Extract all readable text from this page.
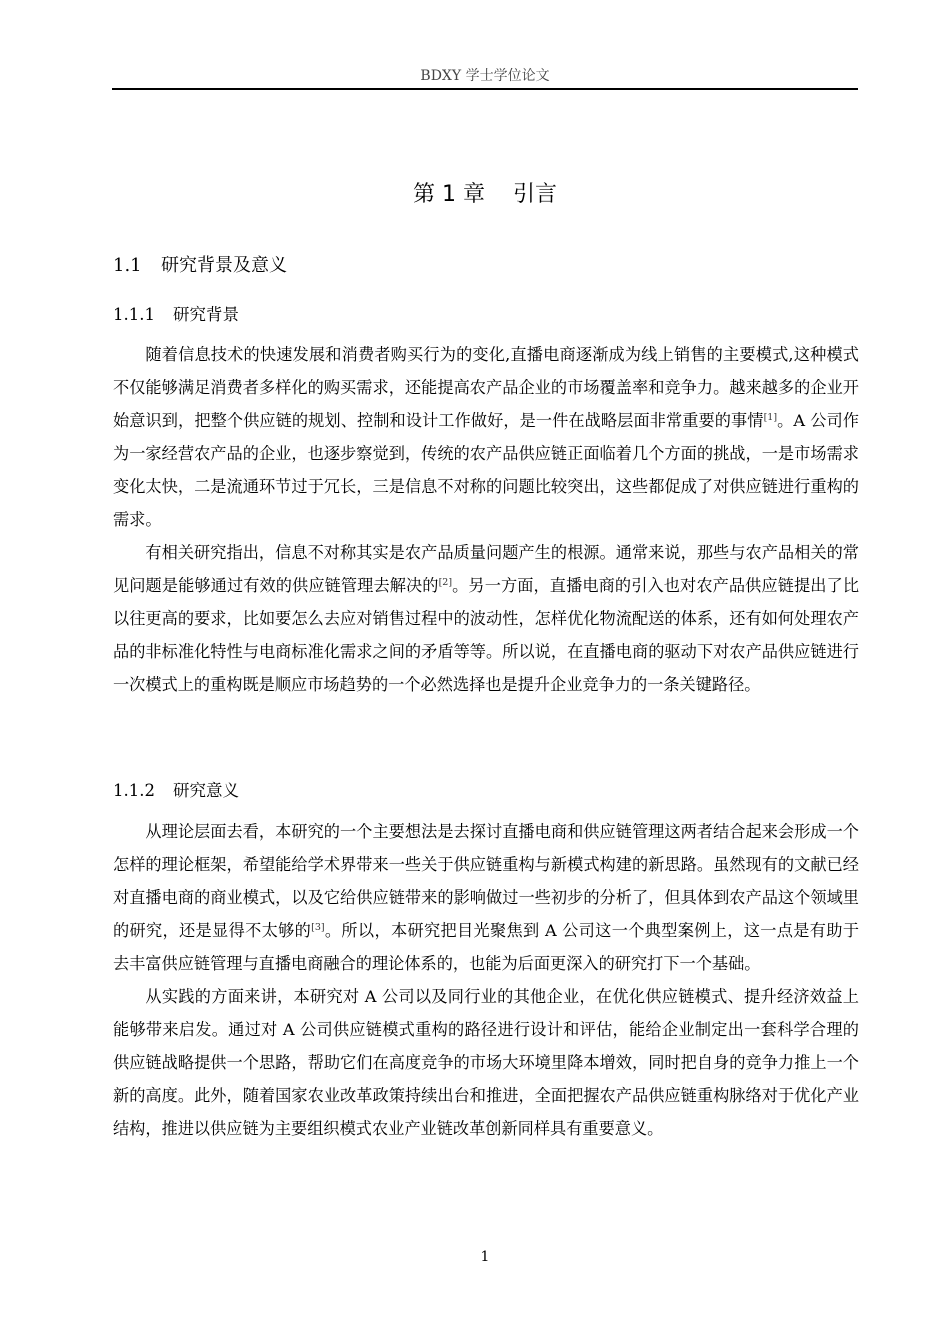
BDXY 学士学位论文
第 1 章 引言
1.1 研究背景及意义
1.1.1 研究背景

随着信息技术的快速发展和消费者购买行为的变化,直播电商逐渐成为线上销售的主要模式,这种模式不仅能够满足消费者多样化的购买需求，还能提高农产品企业的市场覆盖率和竞争力。越来越多的企业开始意识到，把整个供应链的规划、控制和设计工作做好，是一件在战略层面非常重要的事情[1]。A 公司作为一家经营农产品的企业，也逐步察觉到，传统的农产品供应链正面临着几个方面的挑战，一是市场需求变化太快，二是流通环节过于冗长，三是信息不对称的问题比较突出，这些都促成了对供应链进行重构的需求。

有相关研究指出，信息不对称其实是农产品质量问题产生的根源。通常来说，那些与农产品相关的常见问题是能够通过有效的供应链管理去解决的[2]。另一方面，直播电商的引入也对农产品供应链提出了比以往更高的要求，比如要怎么去应对销售过程中的波动性，怎样优化物流配送的体系，还有如何处理农产品的非标准化特性与电商标准化需求之间的矛盾等等。所以说，在直播电商的驱动下对农产品供应链进行一次模式上的重构既是顺应市场趋势的一个必然选择也是提升企业竞争力的一条关键路径。

1.1.2 研究意义

从理论层面去看，本研究的一个主要想法是去探讨直播电商和供应链管理这两者结合起来会形成一个怎样的理论框架，希望能给学术界带来一些关于供应链重构与新模式构建的新思路。虽然现有的文献已经对直播电商的商业模式，以及它给供应链带来的影响做过一些初步的分析了，但具体到农产品这个领域里的研究，还是显得不太够的[3]。所以，本研究把目光聚焦到 A 公司这一个典型案例上，这一点是有助于去丰富供应链管理与直播电商融合的理论体系的，也能为后面更深入的研究打下一个基础。

从实践的方面来讲，本研究对 A 公司以及同行业的其他企业，在优化供应链模式、提升经济效益上能够带来启发。通过对 A 公司供应链模式重构的路径进行设计和评估，能给企业制定出一套科学合理的供应链战略提供一个思路，帮助它们在高度竞争的市场大环境里降本增效，同时把自身的竞争力推上一个新的高度。此外，随着国家农业改革政策持续出台和推进，全面把握农产品供应链重构脉络对于优化产业结构，推进以供应链为主要组织模式农业产业链改革创新同样具有重要意义。

1
